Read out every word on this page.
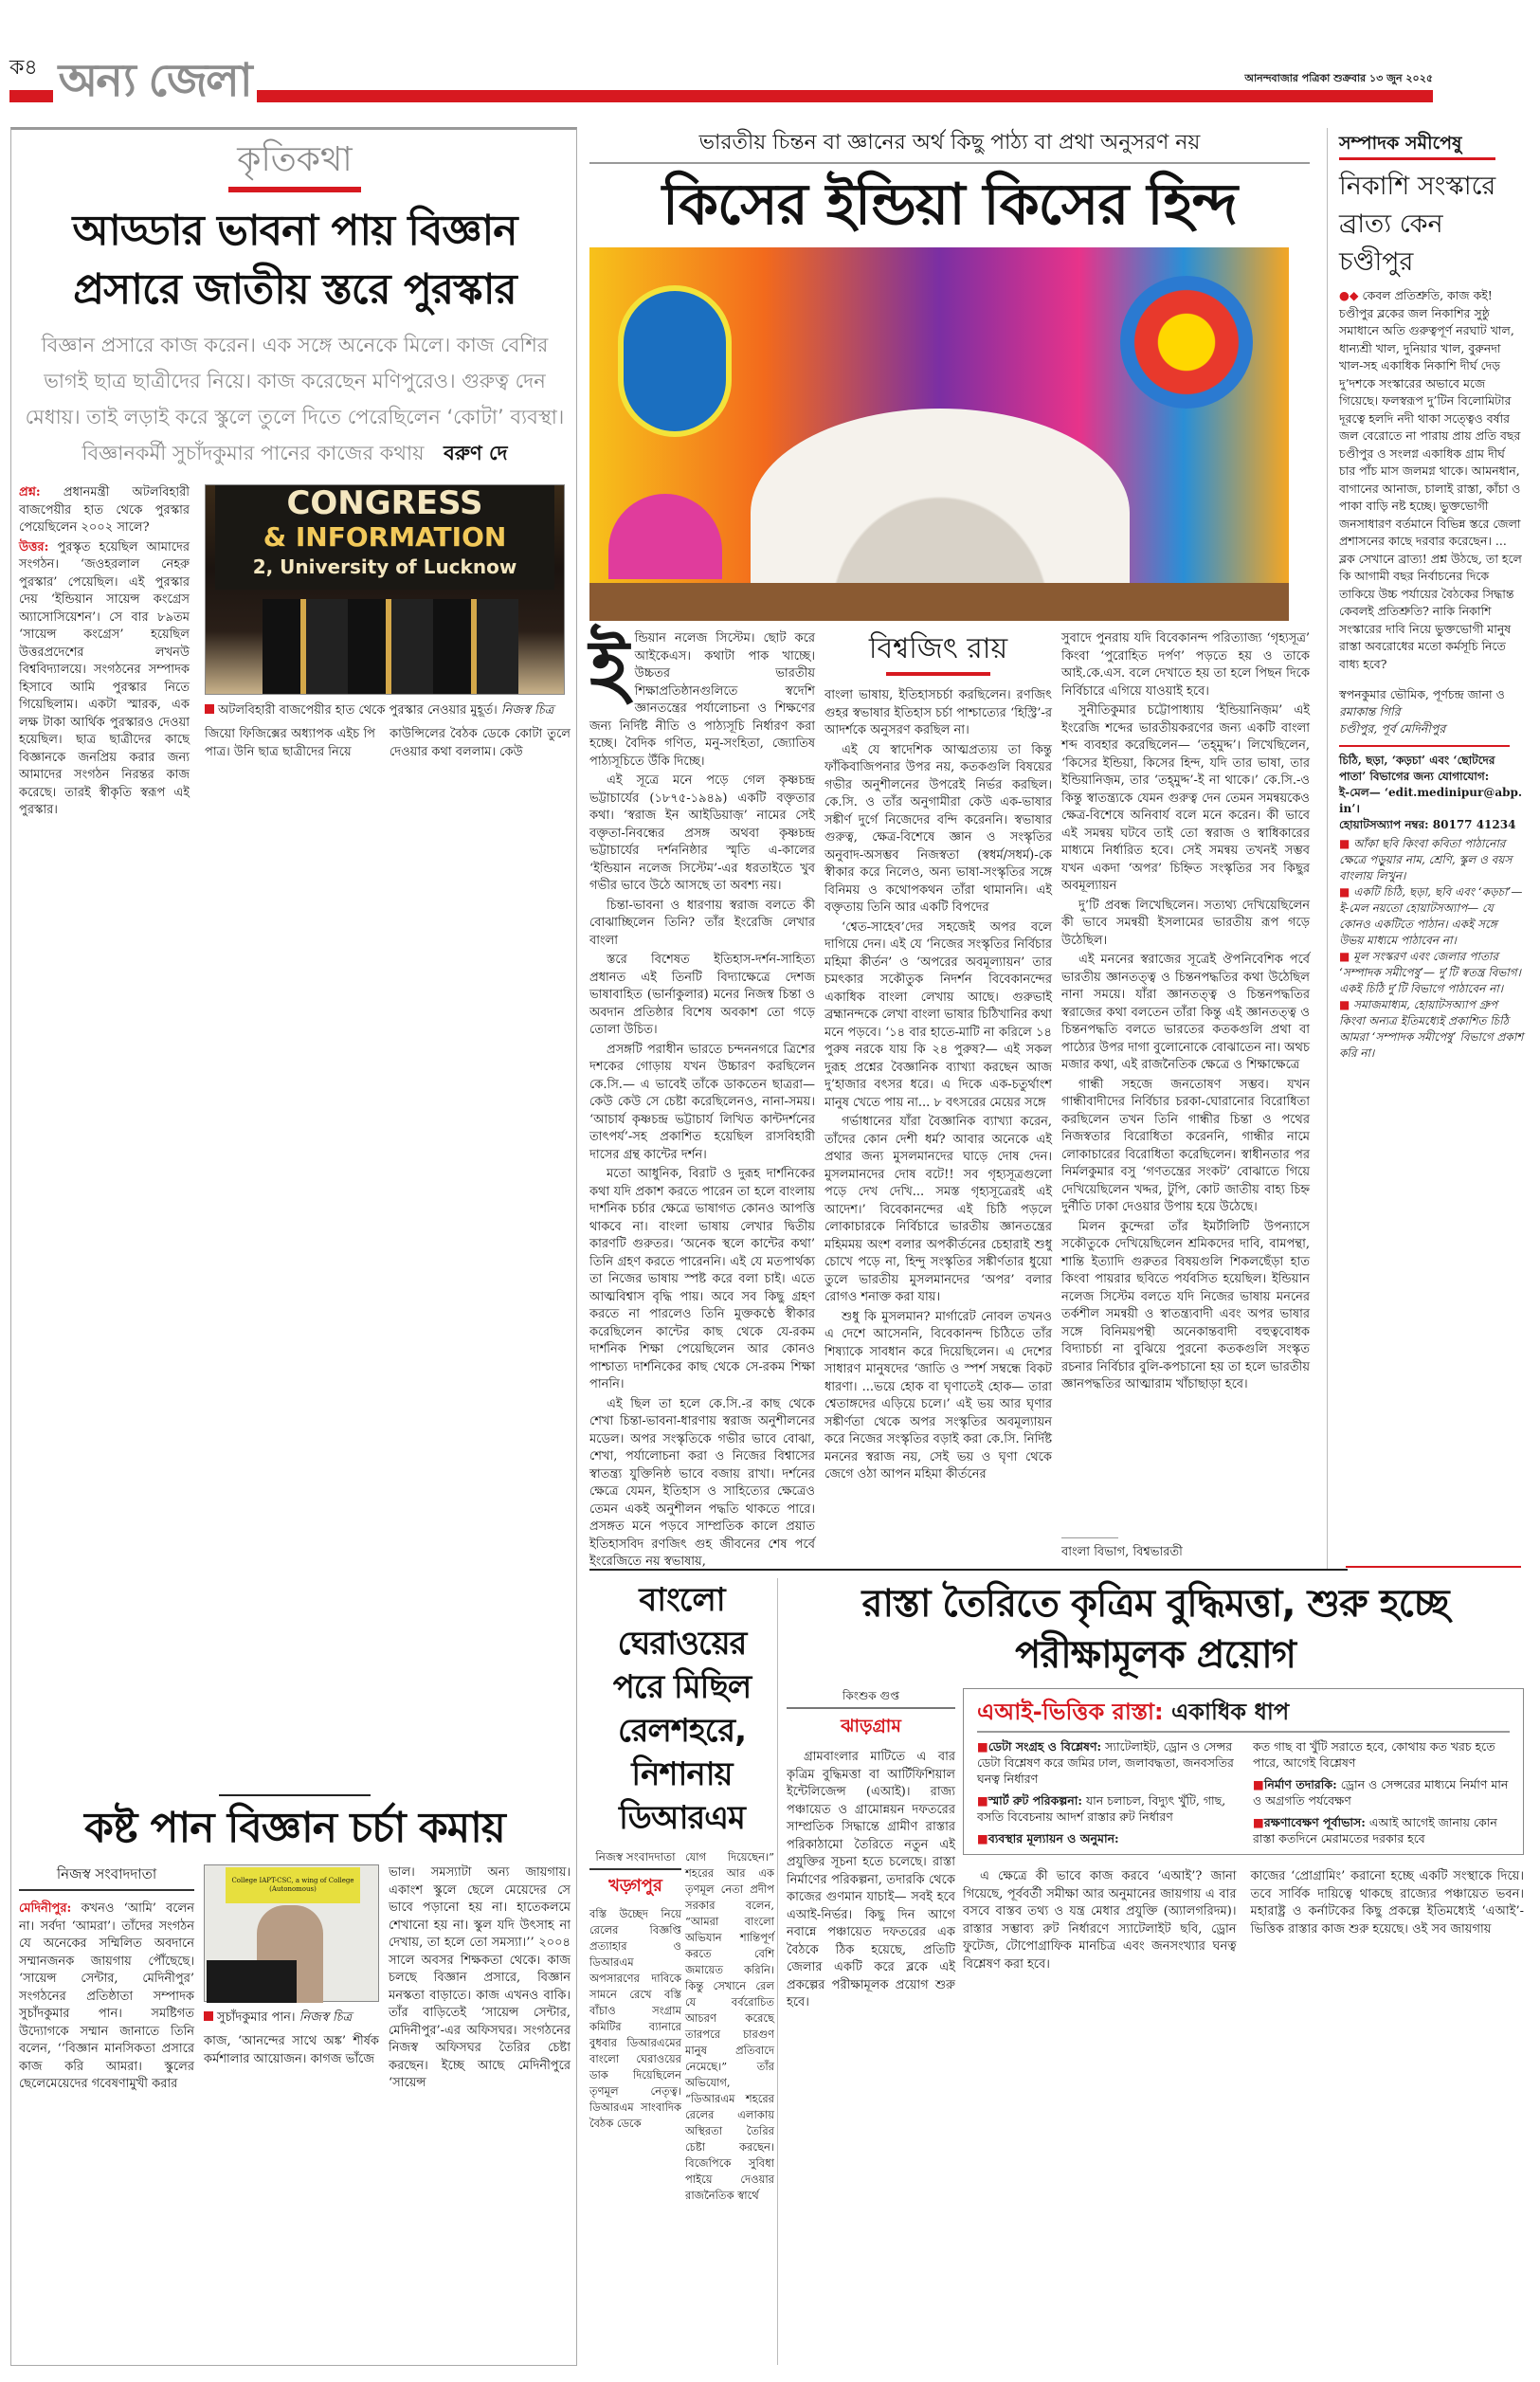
ক৪ অন্য জেলা	আনন্দবাজার পত্রিকা শুক্রবার ১৩ জুন ২০২৫
কৃতিকথা
আড্ডার ভাবনা পায় বিজ্ঞান প্রসারে জাতীয় স্তরে পুরস্কার
বিজ্ঞান প্রসারে কাজ করেন। এক সঙ্গে অনেকে মিলে। কাজ বেশির ভাগই ছাত্র ছাত্রীদের নিয়ে। কাজ করেছেন মণিপুরেও। গুরুত্ব দেন মেধায়। তাই লড়াই করে স্কুলে তুলে দিতে পেরেছিলেন ‘কোটা’ ব্যবস্থা। বিজ্ঞানকর্মী সুচাঁদকুমার পানের কাজের কথায় বরুণ দে

প্রশ্ন: প্রধানমন্ত্রী অটলবিহারী বাজপেয়ীর হাত থেকে পুরস্কার পেয়েছিলেন ২০০২ সালে?

উত্তর: পুরস্কৃত হয়েছিল আমাদের সংগঠন। ‘জওহরলাল নেহরু পুরস্কার’ পেয়েছিল। এই পুরস্কার দেয় ‘ইন্ডিয়ান সায়েন্স কংগ্রেস অ্যাসোসিয়েশন’। সে বার ৮৯তম ‘সায়েন্স কংগ্রেস’ হয়েছিল উত্তরপ্রদেশের লখনউ বিশ্ববিদ্যালয়ে। সংগঠনের সম্পাদক হিসাবে আমি পুরস্কার নিতে গিয়েছিলাম। একটা স্মারক, এক লক্ষ টাকা আর্থিক পুরস্কারও দেওয়া হয়েছিল। ছাত্র ছাত্রীদের কাছে বিজ্ঞানকে জনপ্রিয় করার জন্য আমাদের সংগঠন নিরন্তর কাজ করেছে। তারই স্বীকৃতি স্বরূপ এই পুরস্কার।

CONGRESS
& INFORMATION
2, University of Lucknow
অটলবিহারী বাজপেয়ীর হাত থেকে পুরস্কার নেওয়ার মুহূর্ত। নিজস্ব চিত্র

জিয়ো ফিজিক্সের অধ্যাপক এইচ পি পাত্র। উনি ছাত্র ছাত্রীদের নিয়ে

কাউন্সিলের বৈঠক ডেকে কোটা তুলে দেওয়ার কথা বললাম। কেউ

কষ্ট পান বিজ্ঞান চর্চা কমায়
নিজস্ব সংবাদদাতা

মেদিনীপুর: কখনও ‘আমি’ বলেন না। সর্বদা ‘আমরা’। তাঁদের সংগঠন যে অনেকের সম্মিলিত অবদানে সম্মানজনক জায়গায় পৌঁছেছে। ‘সায়েন্স সেন্টার, মেদিনীপুর’ সংগঠনের প্রতিষ্ঠাতা সম্পাদক সুচাঁদকুমার পান। সমষ্টিগত উদ্যোগকে সম্মান জানাতে তিনি বলেন, ‘‘বিজ্ঞান মানসিকতা প্রসারে কাজ করি আমরা। স্কুলের ছেলেমেয়েদের গবেষণামুখী করার

College IAPT-CSC, a wing of College (Autonomous)
সুচাঁদকুমার পান। নিজস্ব চিত্র

কাজ, ‘আনন্দের সাথে অঙ্ক’ শীর্ষক কর্মশালার আয়োজন। কাগজ ভাঁজে

ভাল। সমস্যাটা অন্য জায়গায়। একাংশ স্কুলে ছেলে মেয়েদের সে ভাবে পড়ানো হয় না। হাতেকলমে শেখানো হয় না। স্কুল যদি উৎসাহ না দেখায়, তা হলে তো সমস্যা।’’ ২০০৪ সালে অবসর শিক্ষকতা থেকে। কাজ চলছে বিজ্ঞান প্রসারে, বিজ্ঞান মনস্কতা বাড়াতে। কাজ এখনও বাকি। তাঁর বাড়িতেই ‘সায়েন্স সেন্টার, মেদিনীপুর’-এর অফিসঘর। সংগঠনের নিজস্ব অফিসঘর তৈরির চেষ্টা করছেন। ইচ্ছে আছে মেদিনীপুরে ‘সায়েন্স

ভারতীয় চিন্তন বা জ্ঞানের অর্থ কিছু পাঠ্য বা প্রথা অনুসরণ নয়
কিসের ইন্ডিয়া কিসের হিন্দ
ই ন্ডিয়ান নলেজ সিস্টেম। ছোট করে আইকেএস। কথাটা পাক খাচ্ছে। উচ্চতর ভারতীয় শিক্ষাপ্রতিষ্ঠানগুলিতে স্বদেশি জ্ঞানতন্ত্রের পর্যালোচনা ও শিক্ষণের জন্য নির্দিষ্ট নীতি ও পাঠ্যসূচি নির্ধারণ করা হচ্ছে। বৈদিক গণিত, মনু-সংহিতা, জ্যোতিষ পাঠ্যসূচিতে উঁকি দিচ্ছে।

এই সূত্রে মনে পড়ে গেল কৃষ্ণচন্দ্র ভট্টাচার্যের (১৮৭৫-১৯৪৯) একটি বক্তৃতার কথা। ‘স্বরাজ ইন আইডিয়াজ়’ নামের সেই বক্তৃতা-নিবন্ধের প্রসঙ্গ অথবা কৃষ্ণচন্দ্র ভট্টাচার্যের দর্শননিষ্ঠার স্মৃতি এ-কালের ‘ইন্ডিয়ান নলেজ সিস্টেম’-এর ধরতাইতে খুব গভীর ভাবে উঠে আসছে তা অবশ্য নয়।

চিন্তা-ভাবনা ও ধারণায় স্বরাজ বলতে কী বোঝাচ্ছিলেন তিনি? তাঁর ইংরেজি লেখার বাংলা

স্তরে বিশেষত ইতিহাস-দর্শন-সাহিত্য প্রধানত এই তিনটি বিদ্যাক্ষেত্রে দেশজ ভাষাবাহিত (ভার্নাকুলার) মনের নিজস্ব চিন্তা ও অবদান প্রতিষ্ঠার বিশেষ অবকাশ তো গড়ে তোলা উচিত।

প্রসঙ্গটি পরাধীন ভারতে চন্দননগরে ত্রিশের দশকের গোড়ায় যখন উচ্চারণ করছিলেন কে.সি.— এ ভাবেই তাঁকে ডাকতেন ছাত্ররা— কেউ কেউ সে চেষ্টা করেছিলেনও, নানা-সময়। ‘আচার্য কৃষ্ণচন্দ্র ভট্টাচার্য লিখিত কান্টদর্শনের তাৎপর্য’-সহ প্রকাশিত হয়েছিল রাসবিহারী দাসের গ্রন্থ কান্টের দর্শন।

মতো আধুনিক, বিরাট ও দুরূহ দার্শনিকের কথা যদি প্রকাশ করতে পারেন তা হলে বাংলায় দার্শনিক চর্চার ক্ষেত্রে ভাষাগত কোনও আপত্তি থাকবে না। বাংলা ভাষায় লেখার দ্বিতীয় কারণটি গুরুতর। ‘অনেক স্থলে কান্টের কথা’ তিনি গ্রহণ করতে পারেননি। এই যে মতপার্থক্য তা নিজের ভাষায় স্পষ্ট করে বলা চাই। এতে আত্মবিশ্বাস বৃদ্ধি পায়। অবে সব কিছু গ্রহণ করতে না পারলেও তিনি মুক্তকণ্ঠে স্বীকার করেছিলেন কান্টের কাছ থেকে যে-রকম দার্শনিক শিক্ষা পেয়েছিলেন আর কোনও পাশ্চাত্য দার্শনিকের কাছ থেকে সে-রকম শিক্ষা পাননি।

এই ছিল তা হলে কে.সি.-র কাছ থেকে শেখা চিন্তা-ভাবনা-ধারণায় স্বরাজ অনুশীলনের মডেল। অপর সংস্কৃতিকে গভীর ভাবে বোঝা, শেখা, পর্যালোচনা করা ও নিজের বিশ্বাসের স্বাতন্ত্র্য যুক্তিনিষ্ঠ ভাবে বজায় রাখা। দর্শনের ক্ষেত্রে যেমন, ইতিহাস ও সাহিত্যের ক্ষেত্রেও তেমন একই অনুশীলন পদ্ধতি থাকতে পারে। প্রসঙ্গত মনে পড়বে সাম্প্রতিক কালে প্রয়াত ইতিহাসবিদ রণজিৎ গুহ জীবনের শেষ পর্বে ইংরেজিতে নয় স্বভাষায়,

বিশ্বজিৎ রায়

বাংলা ভাষায়, ইতিহাসচর্চা করছিলেন। রণজিৎ গুহর স্বভাষার ইতিহাস চর্চা পাশ্চাত্যের ‘হিস্ট্রি’-র আদর্শকে অনুসরণ করছিল না।

এই যে স্বাদেশিক আত্মপ্রত্যয় তা কিন্তু ফাঁকিবাজিপনার উপর নয়, কতকগুলি বিষয়ের গভীর অনুশীলনের উপরেই নির্ভর করছিল। কে.সি. ও তাঁর অনুগামীরা কেউ এক-ভাষার সঙ্কীর্ণ দুর্গে নিজেদের বন্দি করেননি। স্বভাষার গুরুত্ব, ক্ষেত্র-বিশেষে জ্ঞান ও সংস্কৃতির অনুবাদ-অসম্ভব নিজস্বতা (স্বধর্ম/সধর্ম)-কে স্বীকার করে নিলেও, অন্য ভাষা-সংস্কৃতির সঙ্গে বিনিময় ও কথোপকথন তাঁরা থামাননি। এই বক্তৃতায় তিনি আর একটি বিপদের

‘শ্বেত-সাহেব’দের সহজেই অপর বলে দাগিয়ে দেন। এই যে ‘নিজের সংস্কৃতির নির্বিচার মহিমা কীর্তন’ ও ‘অপরের অবমূল্যায়ন’ তার চমৎকার সকৌতুক নিদর্শন বিবেকানন্দের একাধিক বাংলা লেখায় আছে। গুরুভাই ব্রহ্মানন্দকে লেখা বাংলা ভাষার চিঠিখানির কথা মনে পড়বে। ‘১৪ বার হাতে-মাটি না করিলে ১৪ পুরুষ নরকে যায় কি ২৪ পুরুষ?— এই সকল দুরূহ প্রশ্নের বৈজ্ঞানিক ব্যাখ্যা করছেন আজ দু’হাজার বৎসর ধরে। এ দিকে এক-চতুর্থাংশ মানুষ খেতে পায় না... ৮ বৎসরের মেয়ের সঙ্গে

গর্ভাধানের যাঁরা বৈজ্ঞানিক ব্যাখ্যা করেন, তাঁদের কোন দেশী ধর্ম? আবার অনেকে এই প্রথার জন্য মুসলমানদের ঘাড়ে দোষ দেন। মুসলমানদের দোষ বটে!! সব গৃহ্যসূত্রগুলো পড়ে দেখ দেখি... সমস্ত গৃহ্যসূত্রেরই এই আদেশ।’ বিবেকানন্দের এই চিঠি পড়লে লোকাচারকে নির্বিচারে ভারতীয় জ্ঞানতন্ত্রের মহিমময় অংশ বলার অপকীর্তনের চেহারাই শুধু চোখে পড়ে না, হিন্দু সংস্কৃতির সঙ্কীর্ণতার ধুয়ো তুলে ভারতীয় মুসলমানদের ‘অপর’ বলার রোগও শনাক্ত করা যায়।

শুধু কি মুসলমান? মার্গারেট নোবল তখনও এ দেশে আসেননি, বিবেকানন্দ চিঠিতে তাঁর শিষ্যাকে সাবধান করে দিয়েছিলেন। এ দেশের সাধারণ মানুষদের ‘জাতি ও স্পর্শ সম্বন্ধে বিকট ধারণা। ...ভয়ে হোক বা ঘৃণাতেই হোক— তারা শ্বেতাঙ্গদের এড়িয়ে চলে।’ এই ভয় আর ঘৃণার সঙ্কীর্ণতা থেকে অপর সংস্কৃতির অবমূল্যায়ন করে নিজের সংস্কৃতির বড়াই করা কে.সি. নির্দিষ্ট মননের স্বরাজ নয়, সেই ভয় ও ঘৃণা থেকে জেগে ওঠা আপন মহিমা কীর্তনের

সুবাদে পুনরায় যদি বিবেকানন্দ পরিত্যাজ্য ‘গৃহ্যসূত্র’ কিংবা ‘পুরোহিত দর্পণ’ পড়তে হয় ও তাকে আই.কে.এস. বলে দেখাতে হয় তা হলে পিছন দিকে নির্বিচারে এগিয়ে যাওয়াই হবে।

সুনীতিকুমার চট্টোপাধ্যায় ‘ইন্ডিয়ানিজ়ম’ এই ইংরেজি শব্দের ভারতীয়করণের জন্য একটি বাংলা শব্দ ব্যবহার করেছিলেন— ‘তহ্‌মুদ্দ’। লিখেছিলেন, ‘কিসের ইন্ডিয়া, কিসের হিন্দ, যদি তার ভাষা, তার ইন্ডিয়ানিজ়ম, তার ‘তহ্‌মুদ্দ’-ই না থাকে।’ কে.সি.-ও কিন্তু স্বাতন্ত্র্যকে যেমন গুরুত্ব দেন তেমন সমন্বয়কেও ক্ষেত্র-বিশেষে অনিবার্য বলে মনে করেন। কী ভাবে এই সমন্বয় ঘটবে তাই তো স্বরাজ ও স্বাধিকারের মাধ্যমে নির্ধারিত হবে। সেই সমন্বয় তখনই সম্ভব যখন একদা ‘অপর’ চিহ্নিত সংস্কৃতির সব কিছুর অবমূল্যায়ন

দু’টি প্রবন্ধ লিখেছিলেন। সত্যথ্য দেখিয়েছিলেন কী ভাবে সমন্বয়ী ইসলামের ভারতীয় রূপ গড়ে উঠেছিল।

এই মননের স্বরাজের সূত্রেই ঔপনিবেশিক পর্বে ভারতীয় জ্ঞানতত্ত্ব ও চিন্তনপদ্ধতির কথা উঠেছিল নানা সময়ে। যাঁরা জ্ঞানতত্ত্ব ও চিন্তনপদ্ধতির স্বরাজের কথা বলতেন তাঁরা কিন্তু এই জ্ঞানতত্ত্ব ও চিন্তনপদ্ধতি বলতে ভারতের কতকগুলি প্রথা বা পাঠ্যের উপর দাগা বুলোনোকে বোঝাতেন না। অথচ মজার কথা, এই রাজনৈতিক ক্ষেত্রে ও শিক্ষাক্ষেত্রে

গান্ধী সহজে জনতোষণ সম্ভব। যখন গান্ধীবাদীদের নির্বিচার চরকা-ঘোরানোর বিরোধিতা করছিলেন তখন তিনি গান্ধীর চিন্তা ও পথের নিজস্বতার বিরোধিতা করেননি, গান্ধীর নামে লোকাচারের বিরোধিতা করেছিলেন। স্বাধীনতার পর নির্মলকুমার বসু ‘গণতন্ত্রের সংকট’ বোঝাতে গিয়ে দেখিয়েছিলেন খদ্দর, টুপি, কোট জাতীয় বাহ্য চিহ্ন দুর্নীতি ঢাকা দেওয়ার উপায় হয়ে উঠেছে।

মিলন কুন্দেরা তাঁর ইমর্টালিটি উপন্যাসে সকৌতুকে দেখিয়েছিলেন শ্রমিকদের দাবি, বামপন্থা, শান্তি ইত্যাদি গুরুতর বিষয়গুলি শিকলছেঁড়া হাত কিংবা পায়রার ছবিতে পর্যবসিত হয়েছিল। ইন্ডিয়ান নলেজ সিস্টেম বলতে যদি নিজের ভাষায় মননের তর্কশীল সমন্বয়ী ও স্বাতন্ত্র্যবাদী এবং অপর ভাষার সঙ্গে বিনিময়পন্থী অনেকান্তবাদী বহুত্ববোধক বিদ্যাচর্চা না বুঝিয়ে পুরনো কতকগুলি সংস্কৃত রচনার নির্বিচার বুলি-কপচানো হয় তা হলে ভারতীয় জ্ঞানপদ্ধতির আত্মারাম খাঁচাছাড়া হবে।

বাংলা বিভাগ, বিশ্বভারতী
সম্পাদক সমীপেষু
নিকাশি সংস্কারে ব্রাত্য কেন চণ্ডীপুর

●◆ কেবল প্রতিশ্রুতি, কাজ কই! চণ্ডীপুর ব্লকের জল নিকাশির সুষ্ঠু সমাধানে অতি গুরুত্বপূর্ণ নরঘাট খাল, ধান্যশ্রী খাল, দুনিয়ার খাল, বুরুনদা খাল-সহ একাধিক নিকাশি দীর্ঘ দেড় দু’দশকে সংস্কারের অভাবে মজে গিয়েছে। ফলস্বরূপ দু’টিন বিলোমিটার দূরত্বে হলদি নদী থাকা সত্ত্বেও বর্ষার জল বেরোতে না পারায় প্রায় প্রতি বছর চণ্ডীপুর ও সংলগ্ন একাধিক গ্রাম দীর্ঘ চার পাঁচ মাস জলমগ্ন থাকে। আমনধান, বাগানের আনাজ, চালাই রাস্তা, কাঁচা ও পাকা বাড়ি নষ্ট হচ্ছে। ভুক্তভোগী জনসাধারণ বর্তমানে বিভিন্ন স্তরে জেলা প্রশাসনের কাছে দরবার করেছেন। ... ব্লক সেখানে ব্রাত্য! প্রশ্ন উঠছে, তা হলে কি আগামী বছর নির্বাচনের দিকে তাকিয়ে উচ্চ পর্যায়ের বৈঠকের সিদ্ধান্ত কেবলই প্রতিশ্রুতি? নাকি নিকাশি সংস্কারের দাবি নিয়ে ভুক্তভোগী মানুষ রাস্তা অবরোধের মতো কর্মসূচি নিতে বাধ্য হবে?

স্বপনকুমার ভৌমিক, পূর্ণচন্দ্র জানা ও
রমাকান্ত গিরি
চণ্ডীপুর, পূর্ব মেদিনীপুর
চিঠি, ছড়া, ‘কড়চা’ এবং ‘ছোটদের পাতা’ বিভাগের জন্য যোগাযোগ:
ই-মেল— ‘edit.medinipur@abp.in’।
হোয়াটসঅ্যাপ নম্বর: 80177 41234
■ আঁকা ছবি কিংবা কবিতা পাঠানোর ক্ষেত্রে পড়ুয়ার নাম, শ্রেণি, স্কুল ও বয়স বাংলায় লিখুন।
■ একটি চিঠি, ছড়া, ছবি এবং ‘কড়চা’— ই-মেল নয়তো হোয়াটসঅ্যাপ— যে কোনও একটিতে পাঠান। একই সঙ্গে উভয় মাধ্যমে পাঠাবেন না।
■ মূল সংস্করণ এবং জেলার পাতার ‘সম্পাদক সমীপেষু’— দু’টি স্বতন্ত্র বিভাগ। একই চিঠি দু’টি বিভাগে পাঠাবেন না।
■ সমাজমাধ্যম, হোয়াটসঅ্যাপ গ্রুপ কিংবা অন্যত্র ইতিমধ্যেই প্রকাশিত চিঠি আমরা ‘সম্পাদক সমীপেষু’ বিভাগে প্রকাশ করি না।
বাংলো ঘেরাওয়ের পরে মিছিল রেলশহরে, নিশানায় ডিআরএম
নিজস্ব সংবাদদাতা
খড়্গপুর

বস্তি উচ্ছেদ নিয়ে রেলের বিজ্ঞপ্তি প্রত্যাহার ও ডিআরএম অপসারণের দাবিকে সামনে রেখে বস্তি বাঁচাও সংগ্রাম কমিটির ব্যানারে বুধবার ডিআরএমের বাংলো ঘেরাওয়ের ডাক দিয়েছিলেন তৃণমূল নেতৃত্ব। ডিআরএম সাংবাদিক বৈঠক ডেকে

যোগ দিয়েছেন।” শহরের আর এক তৃণমূল নেতা প্রদীপ সরকার বলেন, “আমরা বাংলো অভিযান শান্তিপূর্ণ করতে বেশি জমায়েত করিনি। কিন্তু সেখানে রেল যে বর্বরোচিত আচরণ করেছে তারপরে চারগুণ মানুষ প্রতিবাদে নেমেছে।” তাঁর অভিযোগ, “ডিআরএম শহরের রেলের এলাকায় অস্থিরতা তৈরির চেষ্টা করছেন। বিজেপিকে সুবিধা পাইয়ে দেওয়ার রাজনৈতিক স্বার্থে

রাস্তা তৈরিতে কৃত্রিম বুদ্ধিমত্তা, শুরু হচ্ছে পরীক্ষামূলক প্রয়োগ
কিংশুক গুপ্ত
ঝাড়গ্রাম

গ্রামবাংলার মাটিতে এ বার কৃত্রিম বুদ্ধিমত্তা বা আর্টিফিশিয়াল ইন্টেলিজেন্স (এআই)। রাজ্য পঞ্চায়েত ও গ্রামোন্নয়ন দফতরের সাম্প্রতিক সিদ্ধান্তে গ্রামীণ রাস্তার পরিকাঠামো তৈরিতে নতুন এই প্রযুক্তির সূচনা হতে চলেছে। রাস্তা নির্মাণের পরিকল্পনা, তদারকি থেকে কাজের গুণমান যাচাই— সবই হবে এআই-নির্ভর। কিছু দিন আগে নবান্নে পঞ্চায়েত দফতরের এক বৈঠকে ঠিক হয়েছে, প্রতিটি জেলার একটি করে ব্লকে এই প্রকল্পের পরীক্ষামূলক প্রয়োগ শুরু হবে।

এআই-ভিত্তিক রাস্তা: একাধিক ধাপ
■ডেটা সংগ্রহ ও বিশ্লেষণ: স্যাটেলাইট, ড্রোন ও সেন্সর ডেটা বিশ্লেষণ করে জমির ঢাল, জলাবদ্ধতা, জনবসতির ঘনত্ব নির্ধারণ
■স্মার্ট রুট পরিকল্পনা: যান চলাচল, বিদ্যুৎ খুঁটি, গাছ, বসতি বিবেচনায় আদর্শ রাস্তার রুট নির্ধারণ
■ব্যবস্থার মূল্যায়ন ও অনুমান:
কত গাছ বা খুঁটি সরাতে হবে, কোথায় কত খরচ হতে পারে, আগেই বিশ্লেষণ
■নির্মাণ তদারকি: ড্রোন ও সেন্সরের মাধ্যমে নির্মাণ মান ও অগ্রগতি পর্যবেক্ষণ
■রক্ষণাবেক্ষণ পূর্বাভাস: এআই আগেই জানায় কোন রাস্তা কতদিনে মেরামতের দরকার হবে

এ ক্ষেত্রে কী ভাবে কাজ করবে ‘এআই’? জানা গিয়েছে, পূর্ববর্তী সমীক্ষা আর অনুমানের জায়গায় এ বার বসবে বাস্তব তথ্য ও যন্ত্র মেধার প্রযুক্তি (অ্যালগরিদম)। রাস্তার সম্ভাব্য রুট নির্ধারণে স্যাটেলাইট ছবি, ড্রোন ফুটেজ, টোপোগ্রাফিক মানচিত্র এবং জনসংখ্যার ঘনত্ব বিশ্লেষণ করা হবে।

কাজের ‘প্রোগ্রামিং’ করানো হচ্ছে একটি সংস্থাকে দিয়ে। তবে সার্বিক দায়িত্বে থাকছে রাজ্যের পঞ্চায়েত ভবন। মহারাষ্ট্র ও কর্নাটকের কিছু প্রকল্পে ইতিমধ্যেই ‘এআই’-ভিত্তিক রাস্তার কাজ শুরু হয়েছে। ওই সব জায়গায়
